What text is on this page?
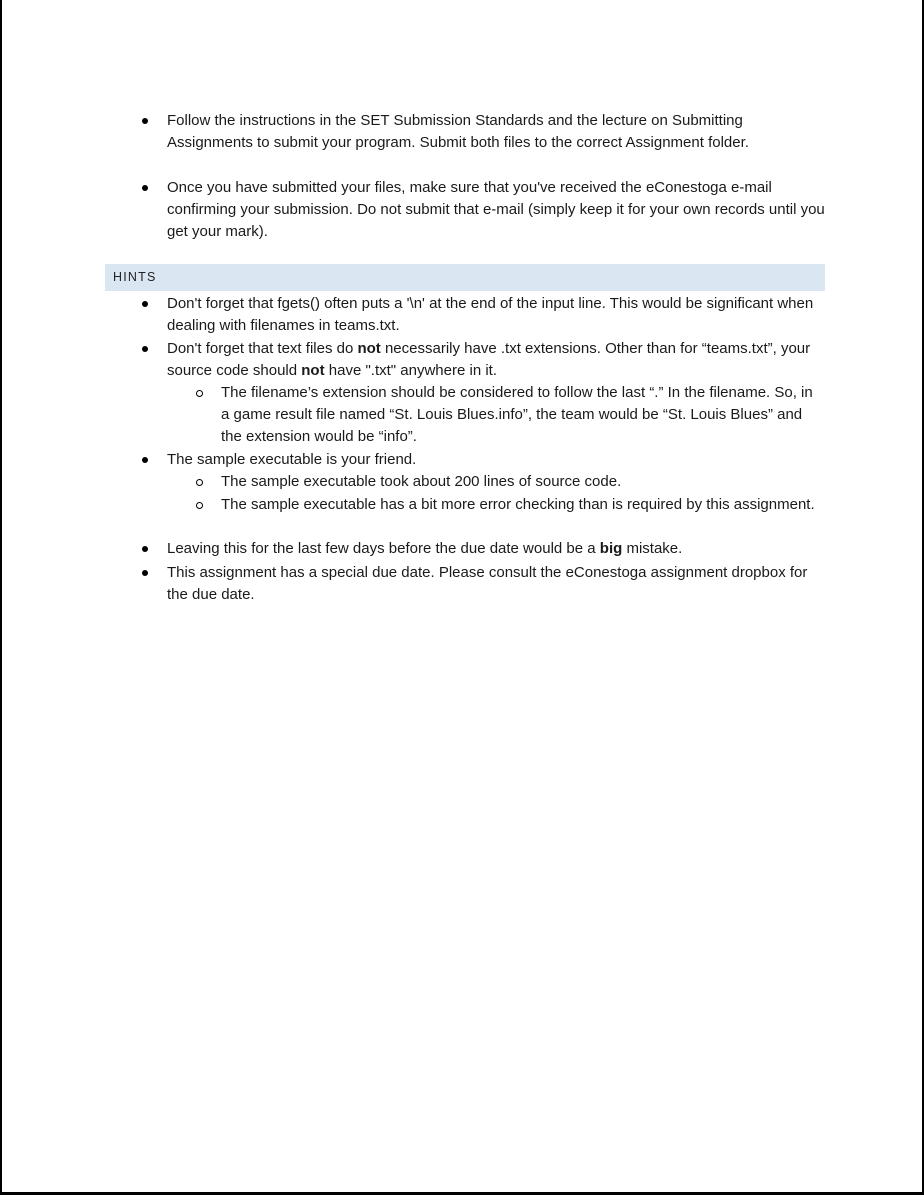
Follow the instructions in the SET Submission Standards and the lecture on Submitting Assignments to submit your program. Submit both files to the correct Assignment folder.
Once you have submitted your files, make sure that you've received the eConestoga e-mail confirming your submission. Do not submit that e-mail (simply keep it for your own records until you get your mark).
HINTS
Don't forget that fgets() often puts a '\n' at the end of the input line. This would be significant when dealing with filenames in teams.txt.
Don't forget that text files do not necessarily have .txt extensions. Other than for “teams.txt”, your source code should not have ".txt" anywhere in it.
The filename’s extension should be considered to follow the last “.” In the filename. So, in a game result file named “St. Louis Blues.info”, the team would be “St. Louis Blues” and the extension would be “info”.
The sample executable is your friend.
The sample executable took about 200 lines of source code.
The sample executable has a bit more error checking than is required by this assignment.
Leaving this for the last few days before the due date would be a big mistake.
This assignment has a special due date. Please consult the eConestoga assignment dropbox for the due date.
